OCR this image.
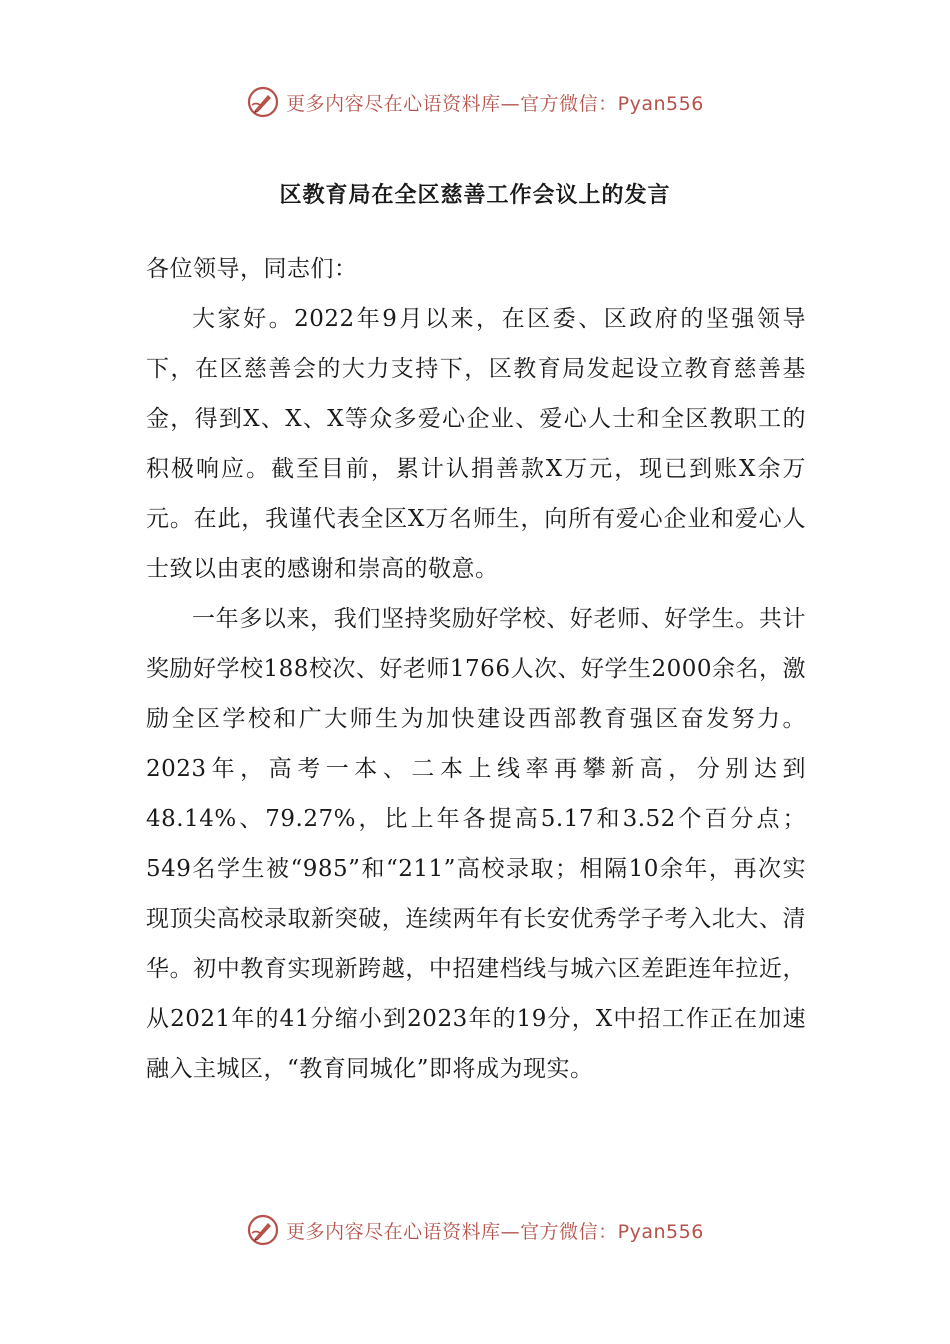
更多内容尽在心语资料库—官方微信：Pyan556
区教育局在全区慈善工作会议上的发言

各位领导，同志们：

大家好。2022年9月以来，在区委、区政府的坚强领导下，在区慈善会的大力支持下，区教育局发起设立教育慈善基金，得到X、X、X等众多爱心企业、爱心人士和全区教职工的积极响应。截至目前，累计认捐善款X万元，现已到账X余万元。在此，我谨代表全区X万名师生，向所有爱心企业和爱心人士致以由衷的感谢和崇高的敬意。

一年多以来，我们坚持奖励好学校、好老师、好学生。共计奖励好学校188校次、好老师1766人次、好学生2000余名，激励全区学校和广大师生为加快建设西部教育强区奋发努力。2023年，高考一本、二本上线率再攀新高，分别达到48.14%、79.27%，比上年各提高5.17和3.52个百分点；549名学生被“985”和“211”高校录取；相隔10余年，再次实现顶尖高校录取新突破，连续两年有长安优秀学子考入北大、清华。初中教育实现新跨越，中招建档线与城六区差距连年拉近，从2021年的41分缩小到2023年的19分，X中招工作正在加速融入主城区，“教育同城化”即将成为现实。

更多内容尽在心语资料库—官方微信：Pyan556
